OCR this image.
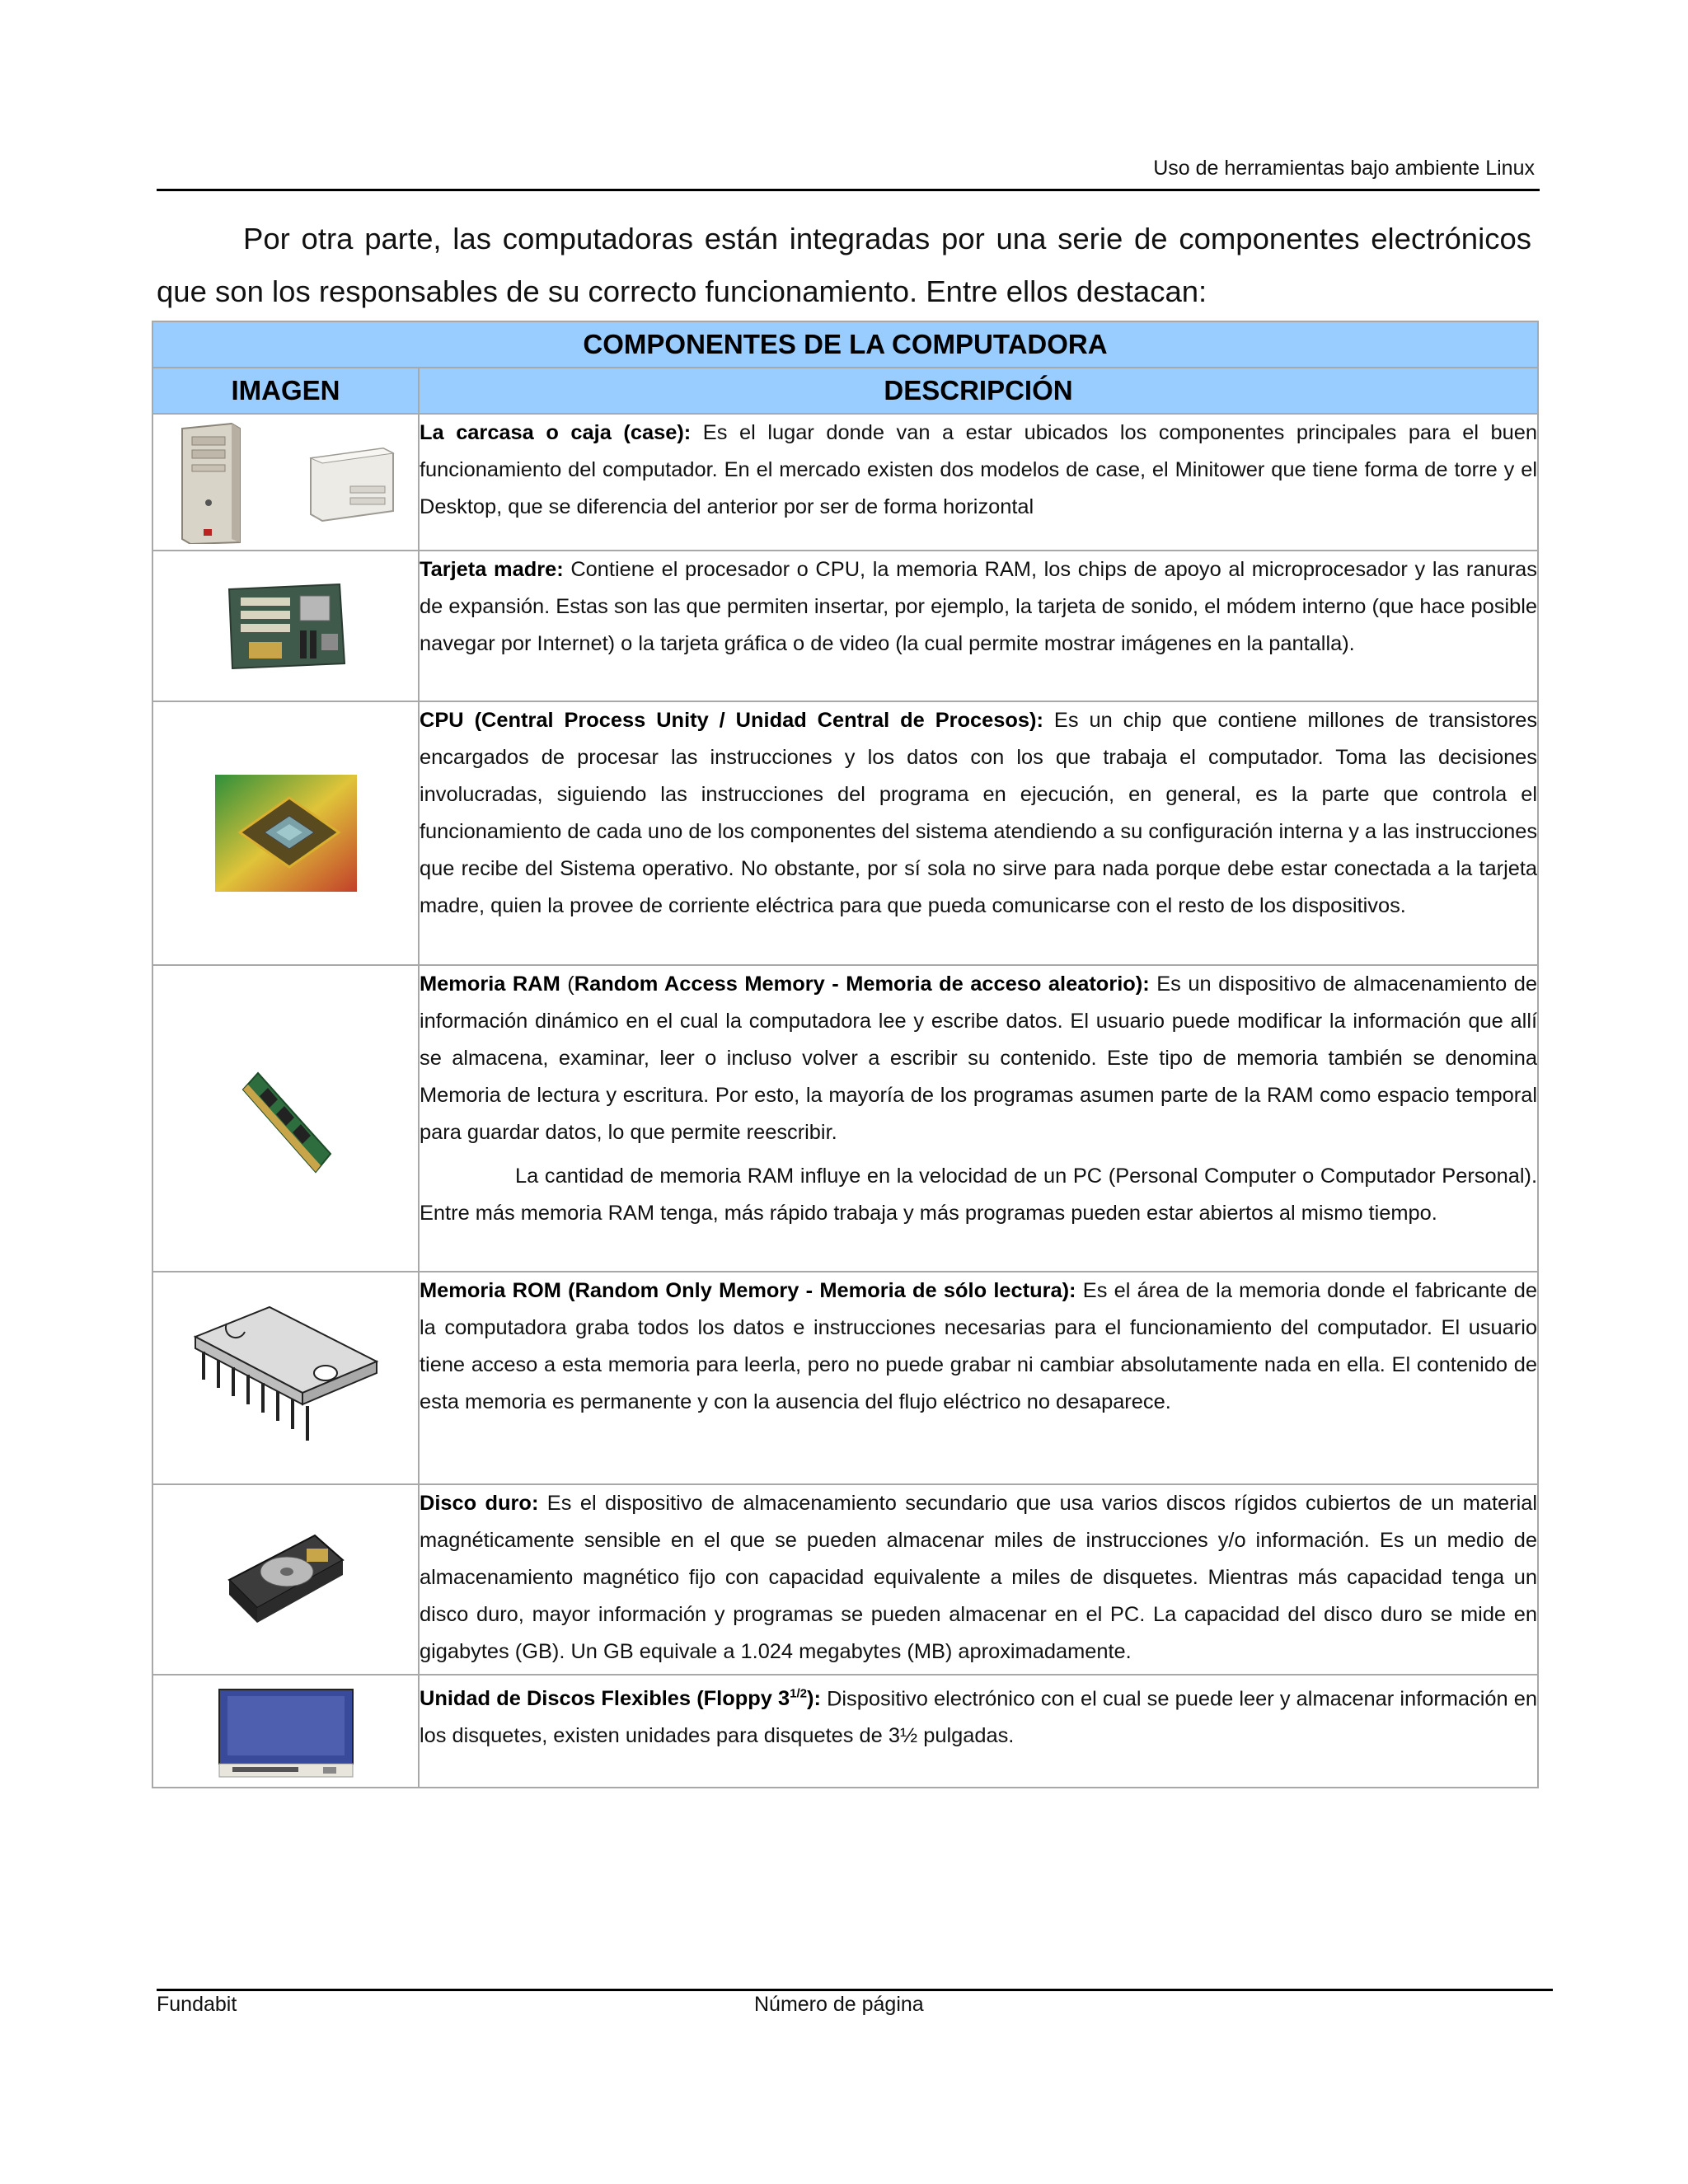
Uso de herramientas bajo ambiente Linux
Por otra parte, las computadoras están integradas por una serie de componentes electrónicos que son los responsables de su correcto funcionamiento. Entre ellos destacan:
COMPONENTES DE LA COMPUTADORA	
IMAGEN	DESCRIPCIÓN

La carcasa o caja (case): Es el lugar donde van a estar ubicados los componentes principales para el buen funcionamiento del computador. En el mercado existen dos modelos de case, el Minitower que tiene forma de torre y el Desktop, que se diferencia del anterior por ser de forma horizontal

Tarjeta madre: Contiene el procesador o CPU, la memoria RAM, los chips de apoyo al microprocesador y las ranuras de expansión. Estas son las que permiten insertar, por ejemplo, la tarjeta de sonido, el módem interno (que hace posible navegar por Internet) o la tarjeta gráfica o de video (la cual permite mostrar imágenes en la pantalla).

CPU (Central Process Unity / Unidad Central de Procesos): Es un chip que contiene millones de transistores encargados de procesar las instrucciones y los datos con los que trabaja el computador. Toma las decisiones involucradas, siguiendo las instrucciones del programa en ejecución, en general, es la parte que controla el funcionamiento de cada uno de los componentes del sistema atendiendo a su configuración interna y a las instrucciones que recibe del Sistema operativo. No obstante, por sí sola no sirve para nada porque debe estar conectada a la tarjeta madre, quien la provee de corriente eléctrica para que pueda comunicarse con el resto de los dispositivos.

Memoria RAM (Random Access Memory - Memoria de acceso aleatorio): Es un dispositivo de almacenamiento de información dinámico en el cual la computadora lee y escribe datos. El usuario puede modificar la información que allí se almacena, examinar, leer o incluso volver a escribir su contenido. Este tipo de memoria también se denomina Memoria de lectura y escritura. Por esto, la mayoría de los programas asumen parte de la RAM como espacio temporal para guardar datos, lo que permite reescribir.

La cantidad de memoria RAM influye en la velocidad de un PC (Personal Computer o Computador Personal). Entre más memoria RAM tenga, más rápido trabaja y más programas pueden estar abiertos al mismo tiempo.

Memoria ROM (Random Only Memory - Memoria de sólo lectura): Es el área de la memoria donde el fabricante de la computadora graba todos los datos e instrucciones necesarias para el funcionamiento del computador. El usuario tiene acceso a esta memoria para leerla, pero no puede grabar ni cambiar absolutamente nada en ella. El contenido de esta memoria es permanente y con la ausencia del flujo eléctrico no desaparece.

Disco duro: Es el dispositivo de almacenamiento secundario que usa varios discos rígidos cubiertos de un material magnéticamente sensible en el que se pueden almacenar miles de instrucciones y/o información. Es un medio de almacenamiento magnético fijo con capacidad equivalente a miles de disquetes. Mientras más capacidad tenga un disco duro, mayor información y programas se pueden almacenar en el PC. La capacidad del disco duro se mide en gigabytes (GB). Un GB equivale a 1.024 megabytes (MB) aproximadamente.

Unidad de Discos Flexibles (Floppy $3^{1/2}$): Dispositivo electrónico con el cual se puede leer y almacenar información en los disquetes, existen unidades para disquetes de 3½ pulgadas.

Fundabit	Número de página
